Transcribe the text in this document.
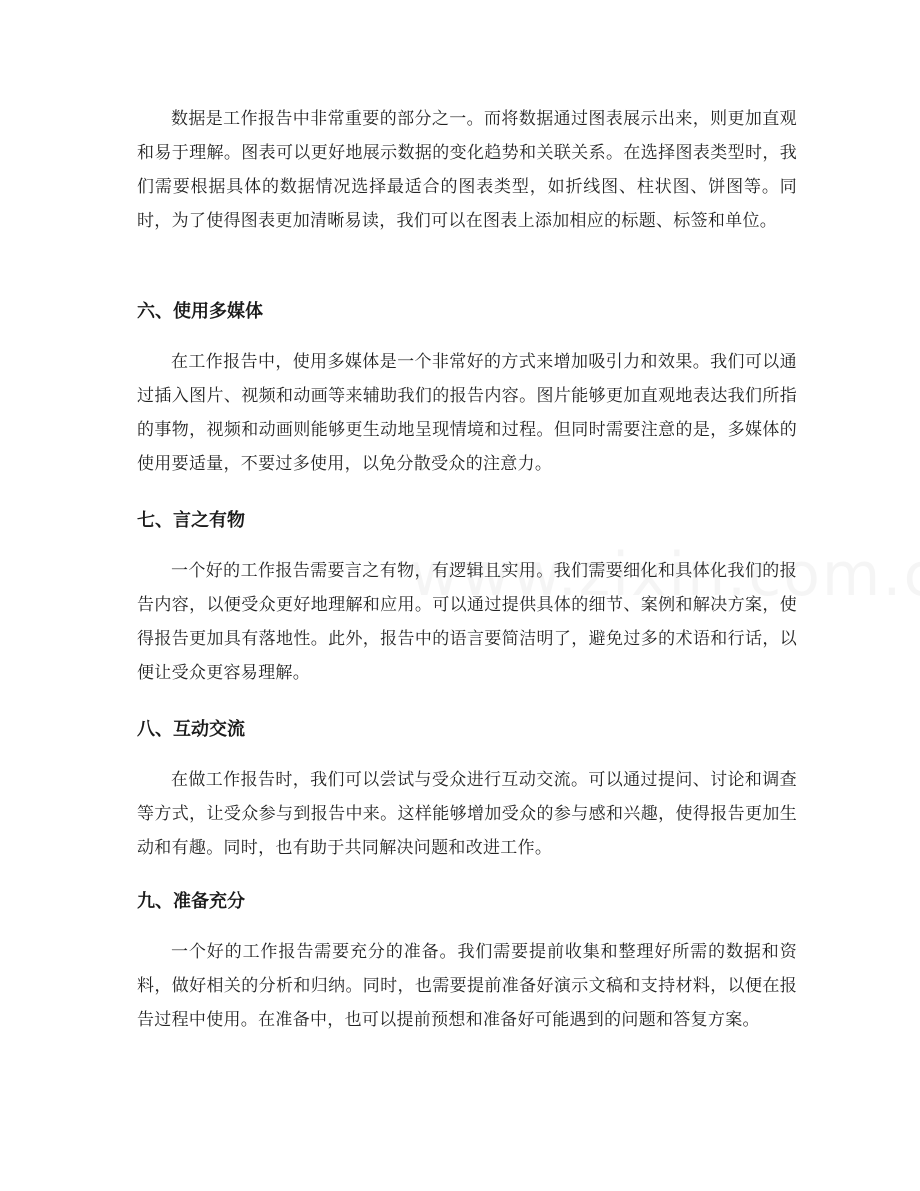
数据是工作报告中非常重要的部分之一。而将数据通过图表展示出来，则更加直观和易于理解。图表可以更好地展示数据的变化趋势和关联关系。在选择图表类型时，我们需要根据具体的数据情况选择最适合的图表类型，如折线图、柱状图、饼图等。同时，为了使得图表更加清晰易读，我们可以在图表上添加相应的标题、标签和单位。

六、使用多媒体

在工作报告中，使用多媒体是一个非常好的方式来增加吸引力和效果。我们可以通过插入图片、视频和动画等来辅助我们的报告内容。图片能够更加直观地表达我们所指的事物，视频和动画则能够更生动地呈现情境和过程。但同时需要注意的是，多媒体的使用要适量，不要过多使用，以免分散受众的注意力。

七、言之有物

一个好的工作报告需要言之有物，有逻辑且实用。我们需要细化和具体化我们的报告内容，以便受众更好地理解和应用。可以通过提供具体的细节、案例和解决方案，使得报告更加具有落地性。此外，报告中的语言要简洁明了，避免过多的术语和行话，以便让受众更容易理解。

八、互动交流

在做工作报告时，我们可以尝试与受众进行互动交流。可以通过提问、讨论和调查等方式，让受众参与到报告中来。这样能够增加受众的参与感和兴趣，使得报告更加生动和有趣。同时，也有助于共同解决问题和改进工作。

九、准备充分

一个好的工作报告需要充分的准备。我们需要提前收集和整理好所需的数据和资料，做好相关的分析和归纳。同时，也需要提前准备好演示文稿和支持材料，以便在报告过程中使用。在准备中，也可以提前预想和准备好可能遇到的问题和答复方案。
